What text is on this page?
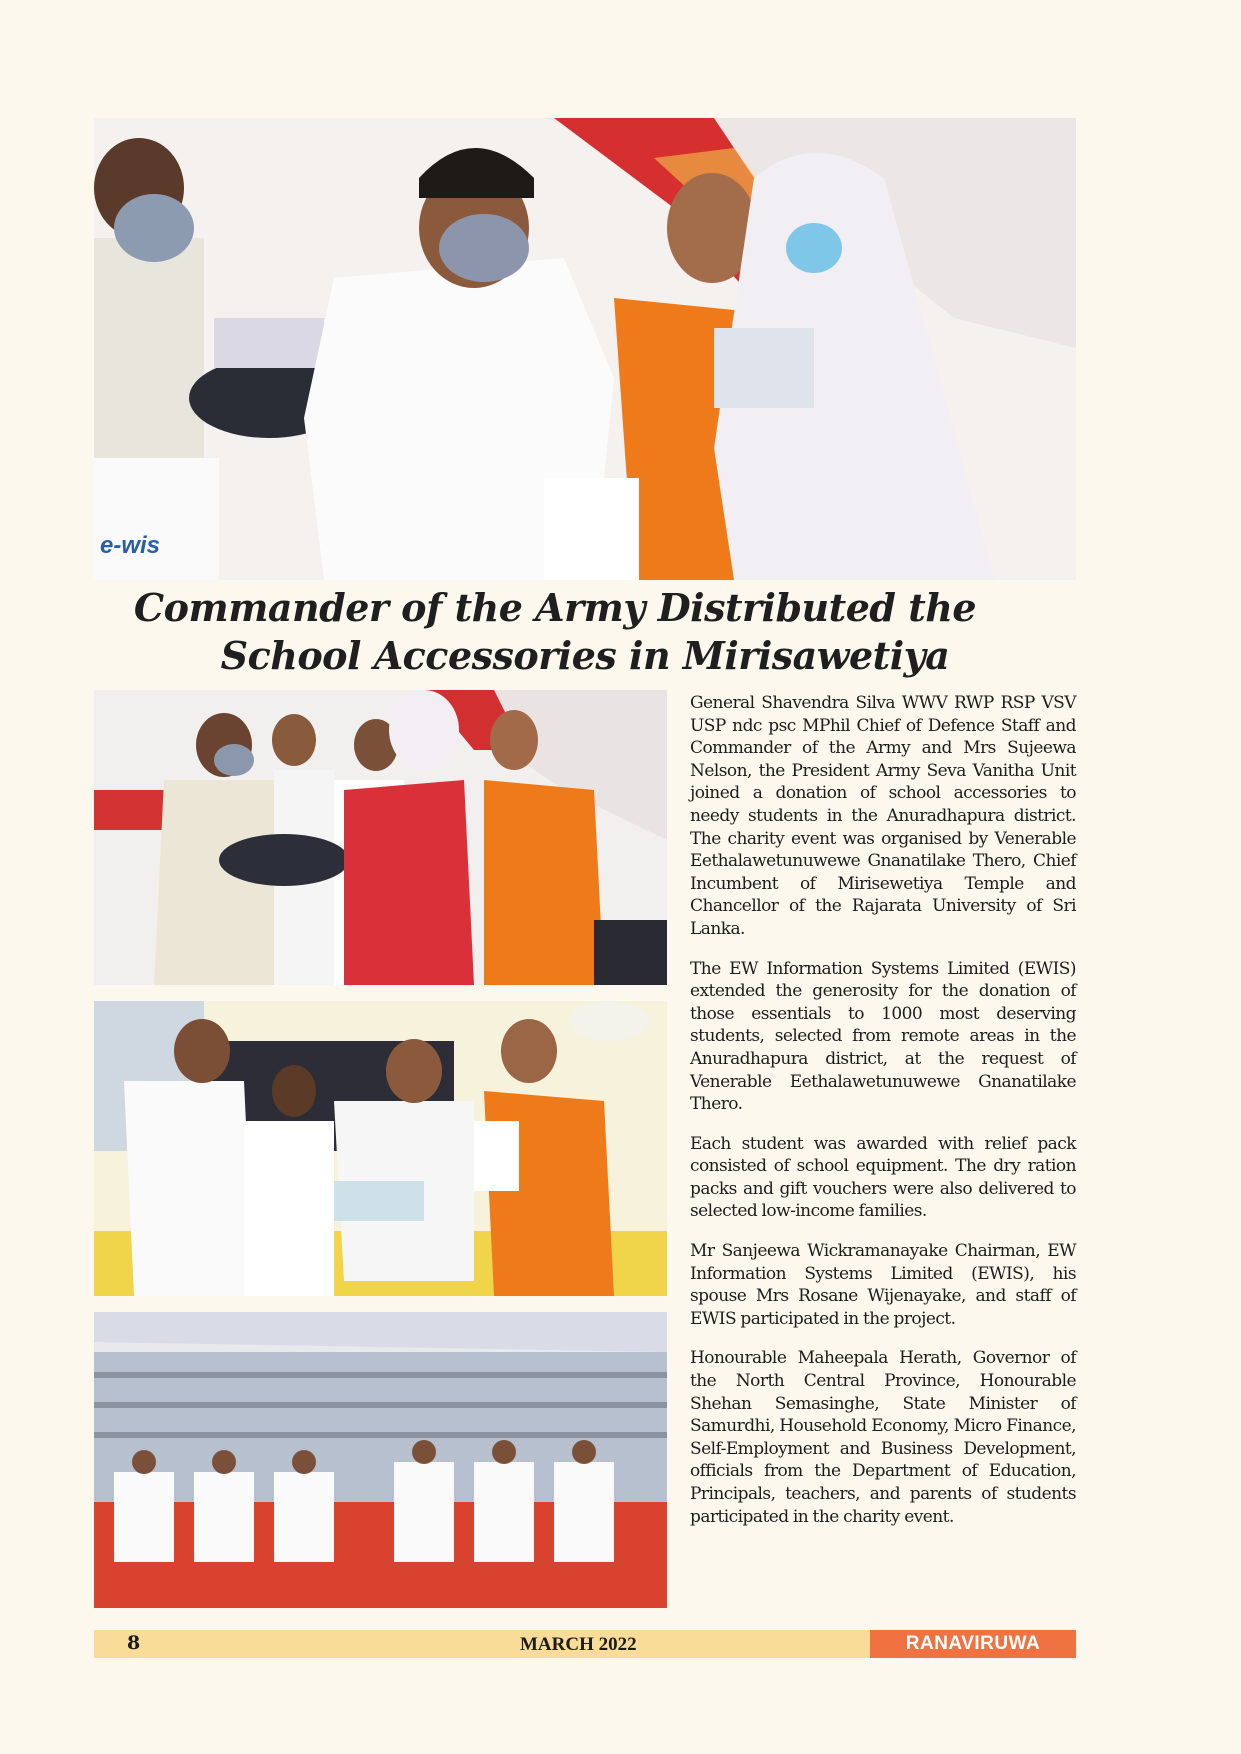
e-wis
Commander of the Army Distributed the
School Accessories in Mirisawetiya

General Shavendra Silva WWV RWP RSP VSV USP ndc psc MPhil Chief of Defence Staff and Commander of the Army and Mrs Sujeewa Nelson, the President Army Seva Vanitha Unit joined a donation of school accessories to needy students in the Anuradhapura district. The charity event was organised by Venerable Eethalawetunuwewe Gnanatilake Thero, Chief Incumbent of Mirisewetiya Temple and Chancellor of the Rajarata University of Sri Lanka.

The EW Information Systems Limited (EWIS) extended the generosity for the donation of those essentials to 1000 most deserving students, selected from remote areas in the Anuradhapura district, at the request of Venerable Eethalawetunuwewe Gnanatilake Thero.

Each student was awarded with relief pack consisted of school equipment. The dry ration packs and gift vouchers were also delivered to selected low-income families.

Mr Sanjeewa Wickramanayake Chairman, EW Information Systems Limited (EWIS), his spouse Mrs Rosane Wijenayake, and staff of EWIS participated in the project.

Honourable Maheepala Herath, Governor of the North Central Province, Honourable Shehan Semasinghe, State Minister of Samurdhi, Household Economy, Micro Finance, Self-Employment and Business Development, officials from the Department of Education, Principals, teachers, and parents of students participated in the charity event.

8	MARCH 2022	RANAVIRUWA
